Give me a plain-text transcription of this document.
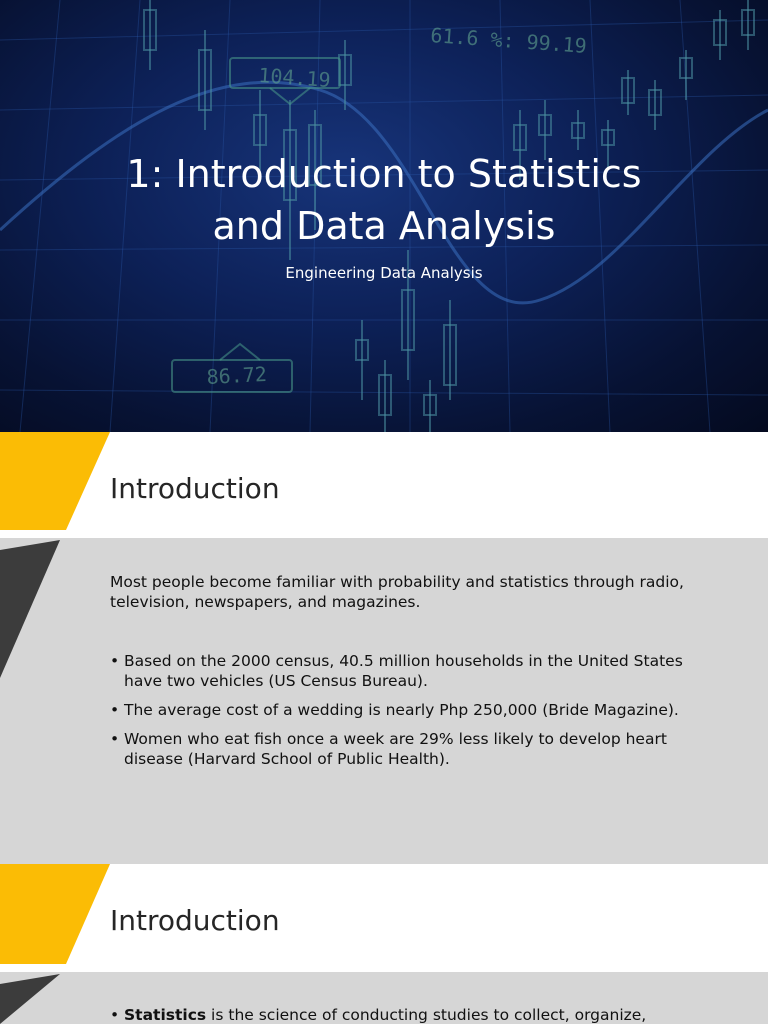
61.6 %: 99.19
104.19
86.72
1: Introduction to Statistics
and Data Analysis

Engineering Data Analysis

Introduction

Most people become familiar with probability and statistics through radio, television, newspapers, and magazines.

• Based on the 2000 census, 40.5 million households in the United States have two vehicles (US Census Bureau).
• The average cost of a wedding is nearly Php 250,000 (Bride Magazine).
• Women who eat fish once a week are 29% less likely to develop heart disease (Harvard School of Public Health).
Introduction
• Statistics is the science of conducting studies to collect, organize,
